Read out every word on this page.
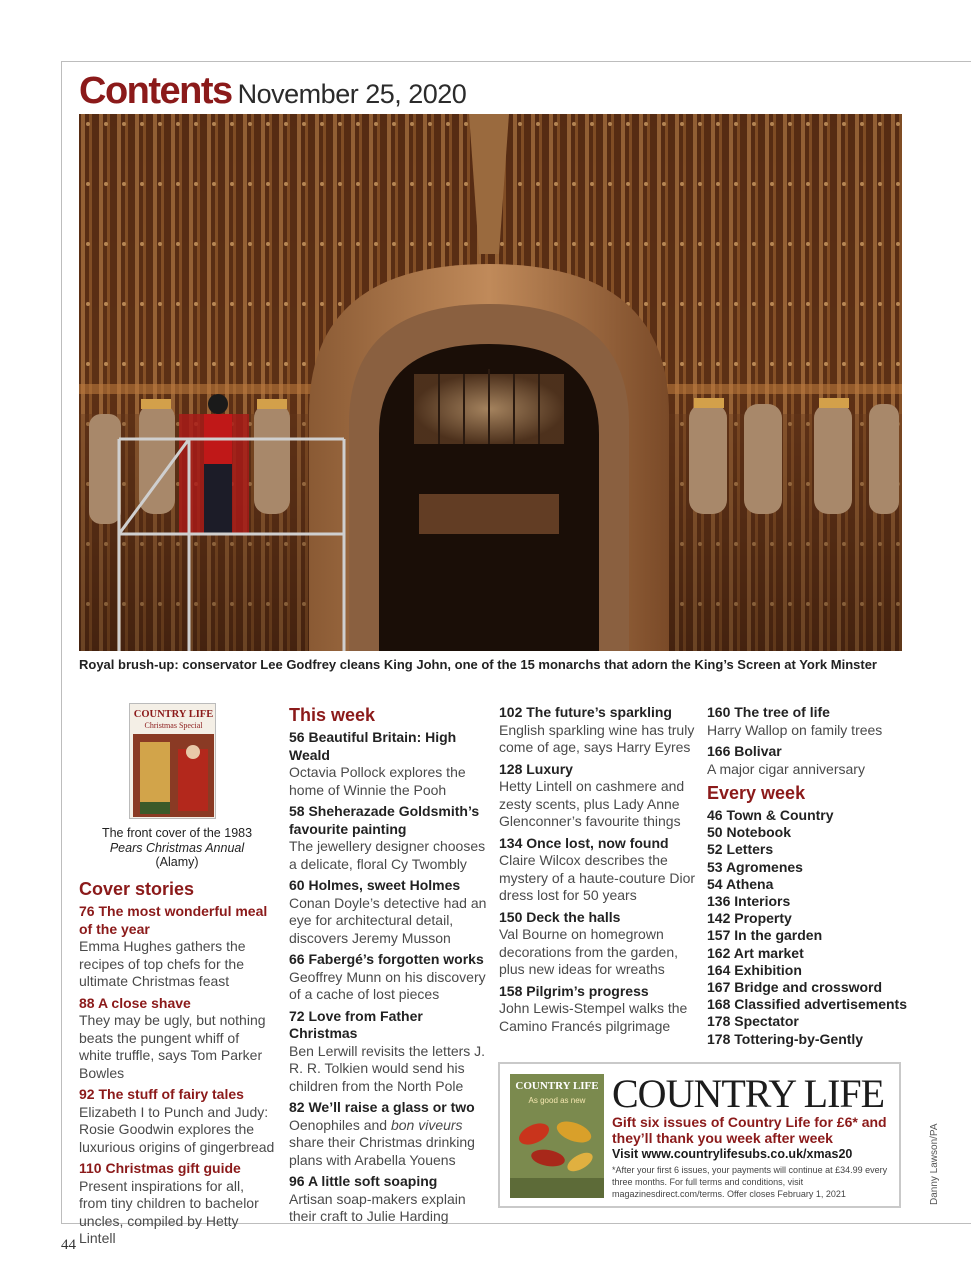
Contents November 25, 2020
Royal brush-up: conservator Lee Godfrey cleans King John, one of the 15 monarchs that adorn the King’s Screen at York Minster
COUNTRY LIFE
Christmas Special
The front cover of the 1983
Pears Christmas Annual
(Alamy)
Cover stories
76 The most wonderful meal of the year
Emma Hughes gathers the recipes of top chefs for the ultimate Christmas feast
88 A close shave
They may be ugly, but nothing beats the pungent whiff of white truffle, says Tom Parker Bowles
92 The stuff of fairy tales
Elizabeth I to Punch and Judy: Rosie Goodwin explores the luxurious origins of gingerbread
110 Christmas gift guide
Present inspirations for all, from tiny children to bachelor uncles, compiled by Hetty Lintell
This week
56 Beautiful Britain: High Weald
Octavia Pollock explores the home of Winnie the Pooh
58 Sheherazade Goldsmith’s favourite painting
The jewellery designer chooses a delicate, floral Cy Twombly
60 Holmes, sweet Holmes
Conan Doyle’s detective had an eye for architectural detail, discovers Jeremy Musson
66 Fabergé’s forgotten works
Geoffrey Munn on his discovery of a cache of lost pieces
72 Love from Father Christmas
Ben Lerwill revisits the letters J. R. R. Tolkien would send his children from the North Pole
82 We’ll raise a glass or two
Oenophiles and bon viveurs share their Christmas drinking plans with Arabella Youens
96 A little soft soaping
Artisan soap-makers explain their craft to Julie Harding
102 The future’s sparkling
English sparkling wine has truly come of age, says Harry Eyres
128 Luxury
Hetty Lintell on cashmere and zesty scents, plus Lady Anne Glenconner’s favourite things
134 Once lost, now found
Claire Wilcox describes the mystery of a haute-couture Dior dress lost for 50 years
150 Deck the halls
Val Bourne on homegrown decorations from the garden, plus new ideas for wreaths
158 Pilgrim’s progress
John Lewis-Stempel walks the Camino Francés pilgrimage
160 The tree of life
Harry Wallop on family trees
166 Bolivar
A major cigar anniversary
Every week
46 Town & Country
50 Notebook
52 Letters
53 Agromenes
54 Athena
136 Interiors
142 Property
157 In the garden
162 Art market
164 Exhibition
167 Bridge and crossword
168 Classified advertisements
178 Spectator
178 Tottering-by-Gently
COUNTRY LIFE
As good as new COUNTRY LIFE
Gift six issues of Country Life for £6* and they’ll thank you week after week
Visit www.countrylifesubs.co.uk/xmas20
*After your first 6 issues, your payments will continue at £34.99 every three months. For full terms and conditions, visit magazinesdirect.com/terms. Offer closes February 1, 2021	Danny Lawson/PA
44
